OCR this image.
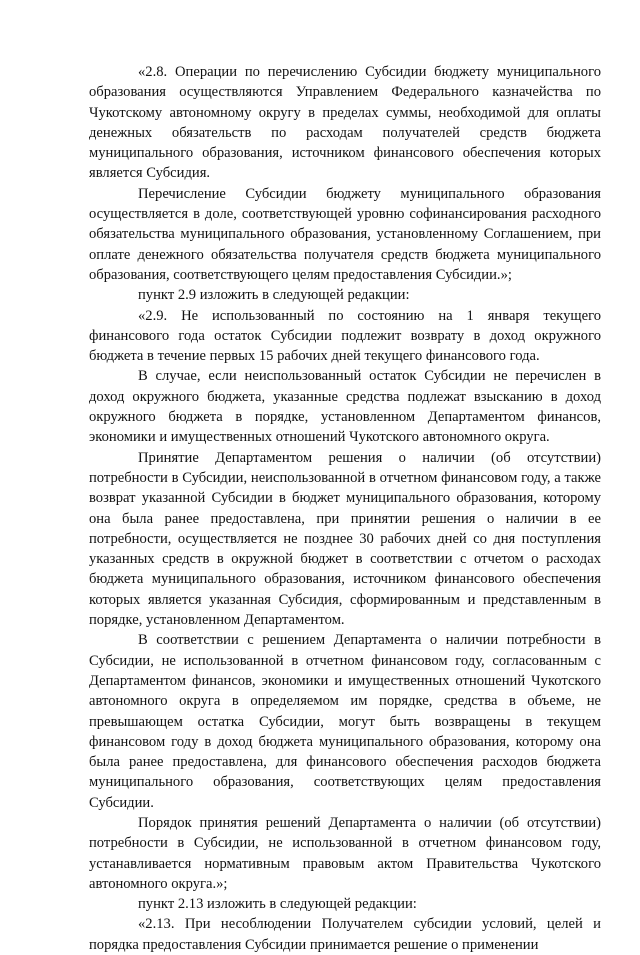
«2.8. Операции по перечислению Субсидии бюджету муниципального образования осуществляются Управлением Федерального казначейства по Чукотскому автономному округу в пределах суммы, необходимой для оплаты денежных обязательств по расходам получателей средств бюджета муниципального образования, источником финансового обеспечения которых является Субсидия.

Перечисление Субсидии бюджету муниципального образования осуществляется в доле, соответствующей уровню софинансирования расходного обязательства муниципального образования, установленному Соглашением, при оплате денежного обязательства получателя средств бюджета муниципального образования, соответствующего целям предоставления Субсидии.»;

пункт 2.9 изложить в следующей редакции:

«2.9. Не использованный по состоянию на 1 января текущего финансового года остаток Субсидии подлежит возврату в доход окружного бюджета в течение первых 15 рабочих дней текущего финансового года.

В случае, если неиспользованный остаток Субсидии не перечислен в доход окружного бюджета, указанные средства подлежат взысканию в доход окружного бюджета в порядке, установленном Департаментом финансов, экономики и имущественных отношений Чукотского автономного округа.

Принятие Департаментом решения о наличии (об отсутствии) потребности в Субсидии, неиспользованной в отчетном финансовом году, а также возврат указанной Субсидии в бюджет муниципального образования, которому она была ранее предоставлена, при принятии решения о наличии в ее потребности, осуществляется не позднее 30 рабочих дней со дня поступления указанных средств в окружной бюджет в соответствии с отчетом о расходах бюджета муниципального образования, источником финансового обеспечения которых является указанная Субсидия, сформированным и представленным в порядке, установленном Департаментом.

В соответствии с решением Департамента о наличии потребности в Субсидии, не использованной в отчетном финансовом году, согласованным с Департаментом финансов, экономики и имущественных отношений Чукотского автономного округа в определяемом им порядке, средства в объеме, не превышающем остатка Субсидии, могут быть возвращены в текущем финансовом году в доход бюджета муниципального образования, которому она была ранее предоставлена, для финансового обеспечения расходов бюджета муниципального образования, соответствующих целям предоставления Субсидии.

Порядок принятия решений Департамента о наличии (об отсутствии) потребности в Субсидии, не использованной в отчетном финансовом году, устанавливается нормативным правовым актом Правительства Чукотского автономного округа.»;

пункт 2.13 изложить в следующей редакции:

«2.13. При несоблюдении Получателем субсидии условий, целей и порядка предоставления Субсидии принимается решение о применении
